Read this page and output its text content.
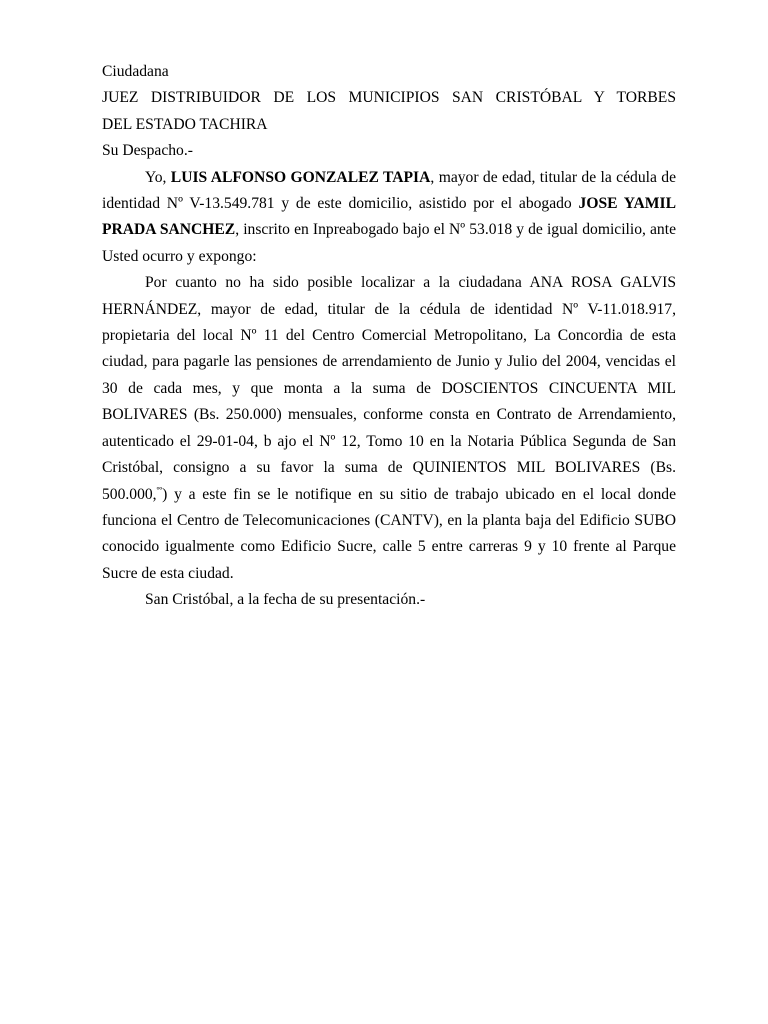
Ciudadana

JUEZ DISTRIBUIDOR DE LOS MUNICIPIOS SAN CRISTÓBAL Y TORBES

DEL ESTADO TACHIRA

Su Despacho.-

Yo, LUIS ALFONSO GONZALEZ TAPIA, mayor de edad, titular de la cédula de identidad Nº V-13.549.781 y de este domicilio, asistido por el abogado JOSE YAMIL PRADA SANCHEZ, inscrito en Inpreabogado bajo el Nº 53.018 y de igual domicilio, ante Usted ocurro y expongo:

Por cuanto no ha sido posible localizar a la ciudadana ANA ROSA GALVIS HERNÁNDEZ, mayor de edad, titular de la cédula de identidad Nº V-11.018.917, propietaria del local Nº 11 del Centro Comercial Metropolitano, La Concordia de esta ciudad, para pagarle las pensiones de arrendamiento de Junio y Julio del 2004, vencidas el 30 de cada mes, y que monta a la suma de DOSCIENTOS CINCUENTA MIL BOLIVARES (Bs. 250.000) mensuales, conforme consta en Contrato de Arrendamiento, autenticado el 29-01-04, b ajo el Nº 12, Tomo 10 en la Notaria Pública Segunda de San Cristóbal, consigno a su favor la suma de QUINIENTOS MIL BOLIVARES (Bs. 500.000,$^{ºº}$) y a este fin se le notifique en su sitio de trabajo ubicado en el local donde funciona el Centro de Telecomunicaciones (CANTV), en la planta baja del Edificio SUBO conocido igualmente como Edificio Sucre, calle 5 entre carreras 9 y 10 frente al Parque Sucre de esta ciudad.

San Cristóbal, a la fecha de su presentación.-
